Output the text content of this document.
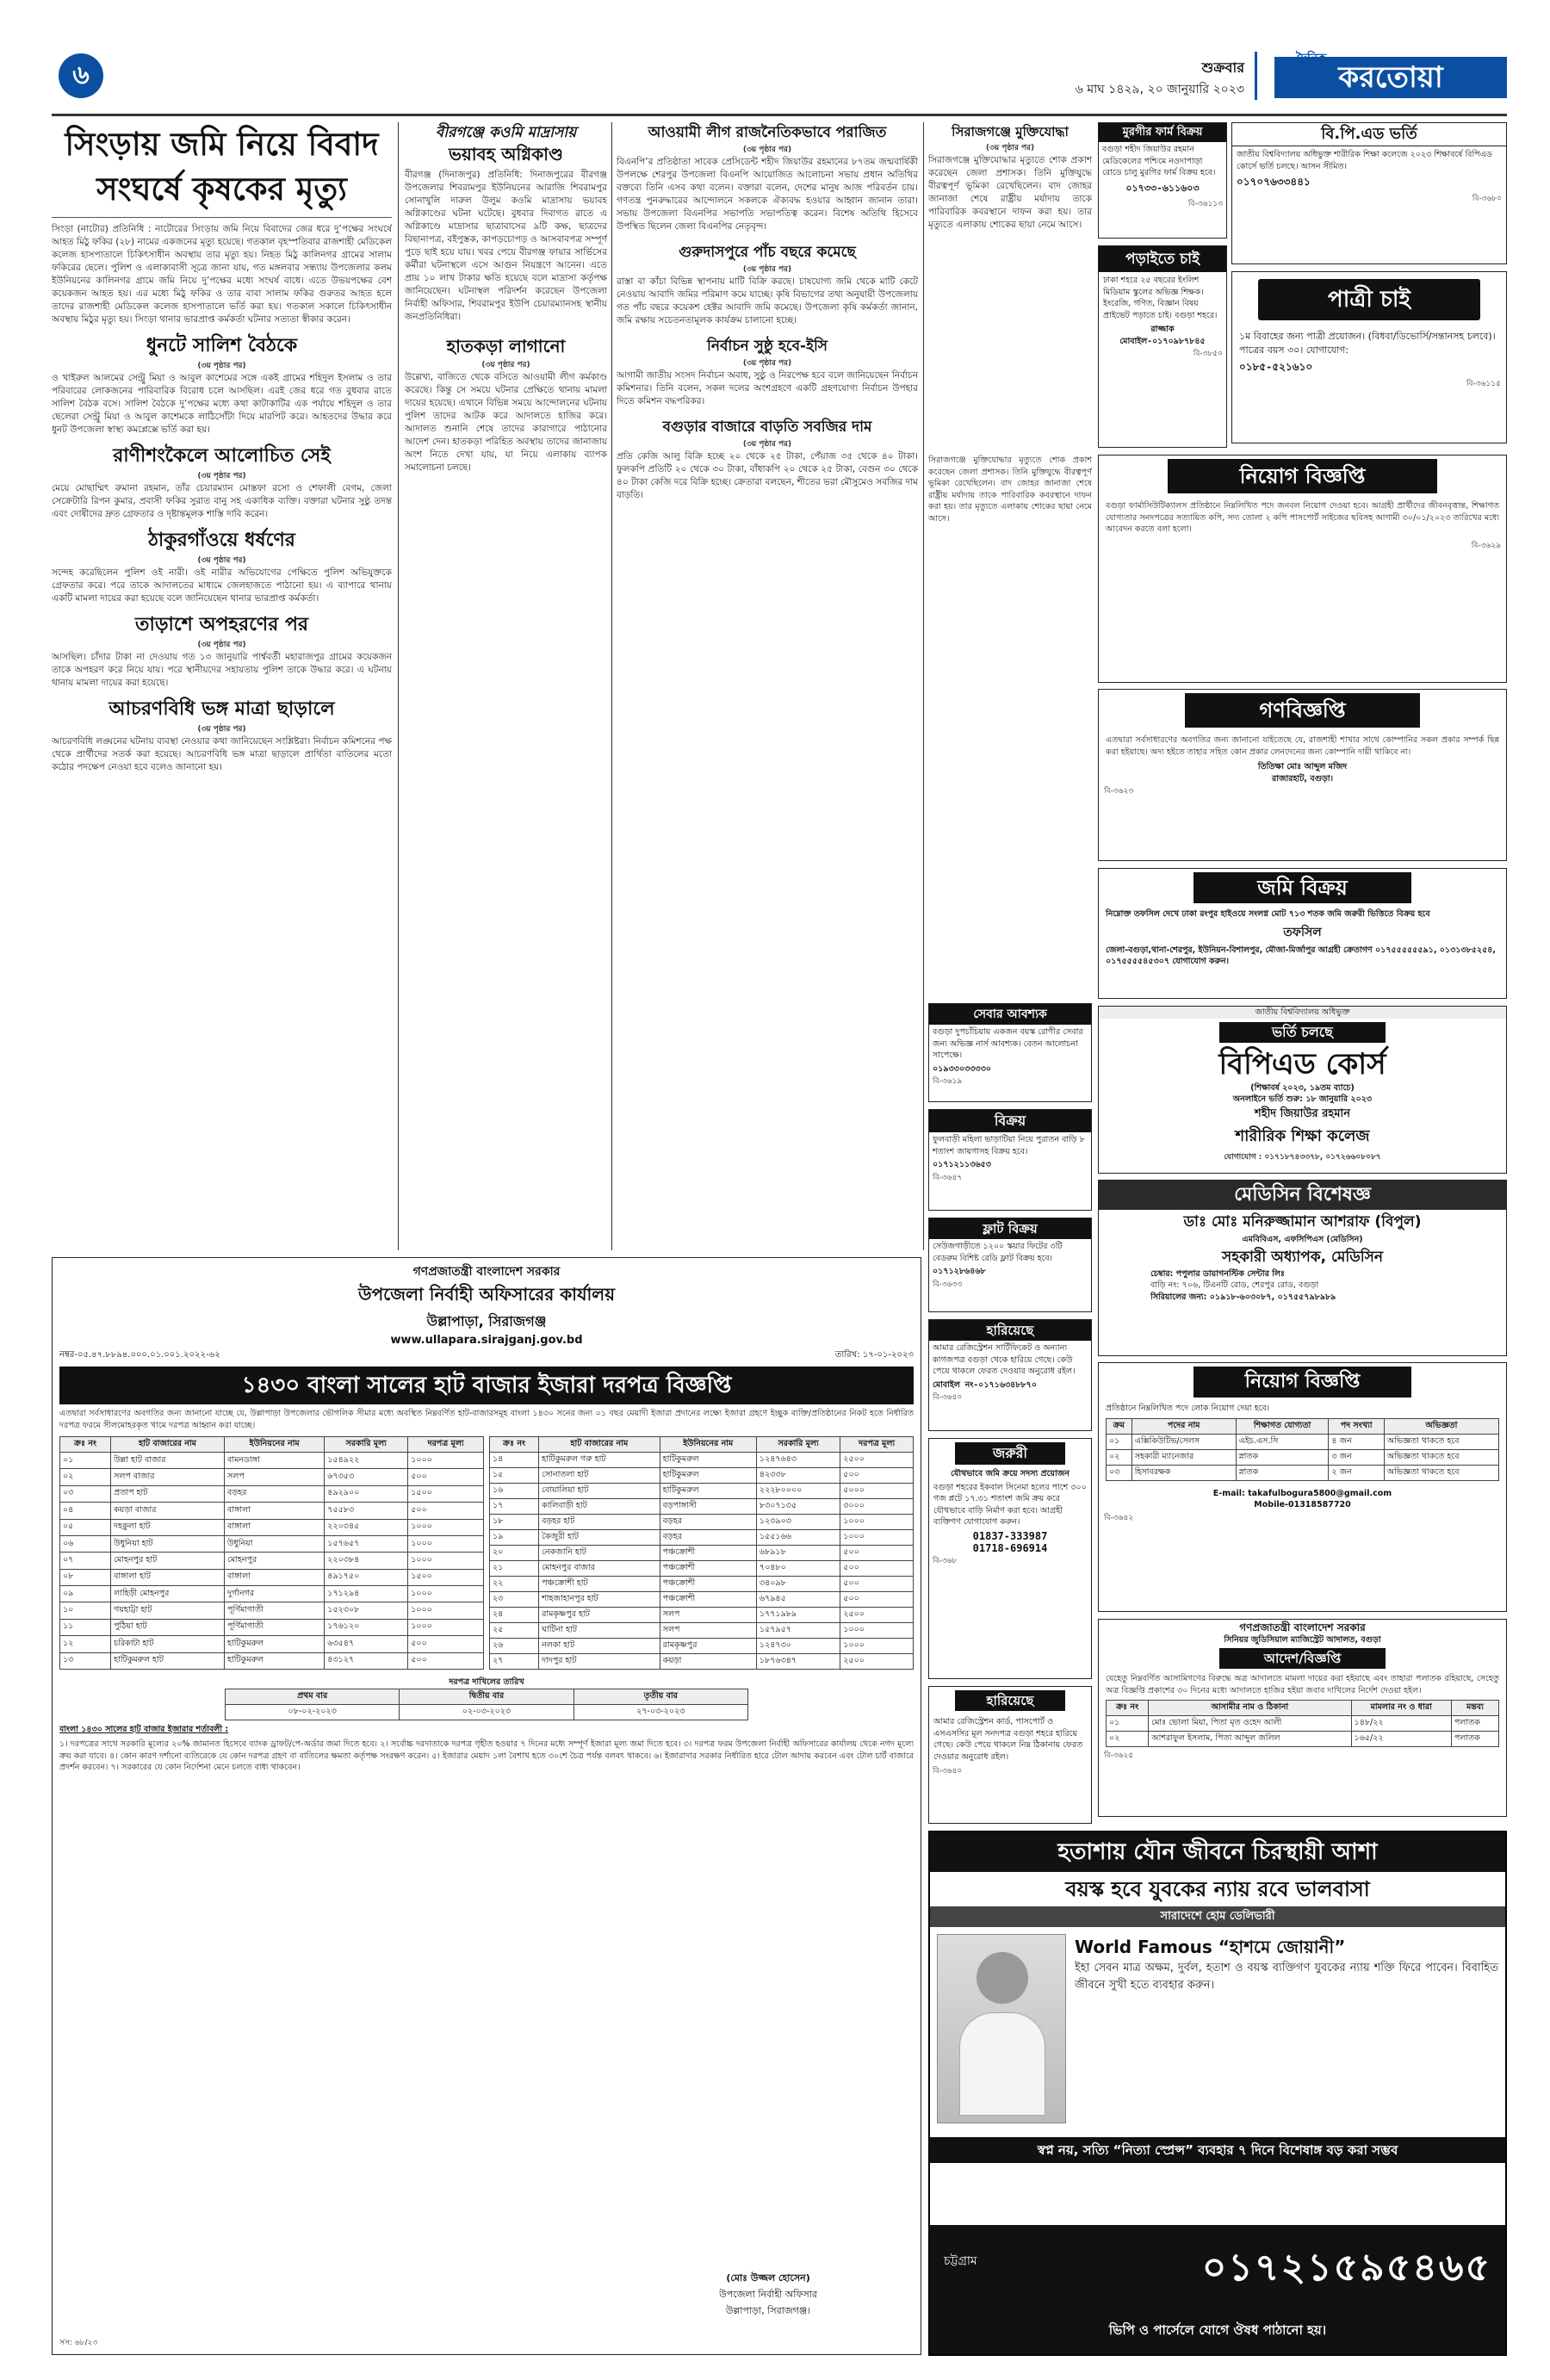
৬	শুক্রবার
৬ মাঘ ১৪২৯, ২০ জানুয়ারি ২০২৩	করতোয়া
সিংড়ায় জমি নিয়ে বিবাদ
সংঘর্ষে কৃষকের মৃত্যু
সিংড়া (নাটোর) প্রতিনিধি : নাটোরের সিংড়ায় জমি নিয়ে বিবাদের জের ধরে দু’পক্ষের সংঘর্ষে আহত মিঠু ফকির (২৮) নামের একজনের মৃত্যু হয়েছে। গতকাল বৃহস্পতিবার রাজশাহী মেডিকেল কলেজ হাসপাতালে চিকিৎসাধীন অবস্থায় তার মৃত্যু হয়। নিহত মিঠু কালিনগর গ্রামের সালাম ফকিরের ছেলে। পুলিশ ও এলাকাবাসী সূত্রে জানা যায়, গত মঙ্গলবার সন্ধ্যায় উপজেলার কলম ইউনিয়নের কালিনগর গ্রামে জমি নিয়ে দু’পক্ষের মধ্যে সংঘর্ষ বাধে। এতে উভয়পক্ষের বেশ কয়েকজন আহত হয়। এর মধ্যে মিঠু ফকির ও তার বাবা সালাম ফকির গুরুতর আহত হলে তাদের রাজশাহী মেডিকেল কলেজ হাসপাতালে ভর্তি করা হয়। গতকাল সকালে চিকিৎসাধীন অবস্থায় মিঠুর মৃত্যু হয়। সিংড়া থানার ভারপ্রাপ্ত কর্মকর্তা ঘটনার সত্যতা স্বীকার করেন।
ধুনটে সালিশ বৈঠকে
(৩য় পৃষ্ঠার পর)
ও খাইরুল আলমের সেন্ট্রু মিয়া ও আবুল কাশেমের সঙ্গে একই গ্রামের শহিদুল ইসলাম ও তার পরিবারের লোকজনের পারিবারিক বিরোধ চলে আসছিল। এরই জের ধরে গত বুধবার রাতে সালিশ বৈঠক বসে। সালিশ বৈঠকে দু’পক্ষের মধ্যে কথা কাটাকাটির এক পর্যায়ে শহিদুল ও তার ছেলেরা সেন্ট্রু মিয়া ও আবুল কাশেমকে লাঠিসোঁটা দিয়ে মারপিট করে। আহতদের উদ্ধার করে ধুনট উপজেলা স্বাস্থ্য কমপ্লেক্সে ভর্তি করা হয়।
রাণীশংকৈলে আলোচিত সেই
(৩য় পৃষ্ঠার পর)
মেয়ে মোছাম্মিৎ রুমানা রহমান, তাঁর চেয়ারম্যান মোস্তফা রসো ও শেফালী বেগম, জেলা সেক্রেটারি রিপন কুমার, প্রবাসী ফকির সুরাত বানু সহ একাধিক ব্যক্তি। বক্তারা ঘটনার সুষ্ঠু তদন্ত এবং দোষীদের দ্রুত গ্রেফতার ও দৃষ্টান্তমূলক শাস্তি দাবি করেন।
ঠাকুরগাঁওয়ে ধর্ষণের
(৩য় পৃষ্ঠার পর)
সন্দেহ করেছিলেন পুলিশ ওই নারী। ওই নারীর অভিযোগের পেক্ষিতে পুলিশ অভিযুক্তকে গ্রেফতার করে। পরে তাকে আদালতের মাধ্যমে জেলহাজতে পাঠানো হয়। এ ব্যাপারে থানায় একটি মামলা দায়ের করা হয়েছে বলে জানিয়েছেন থানার ভারপ্রাপ্ত কর্মকর্তা।
তাড়াশে অপহরণের পর
(৩য় পৃষ্ঠার পর)
আসছিল। চাঁদার টাকা না দেওয়ায় গত ১৩ জানুয়ারি পার্শ্ববর্তী মহারাজপুর গ্রামের কয়েকজন তাকে অপহরণ করে নিয়ে যায়। পরে স্থানীয়দের সহায়তায় পুলিশ তাকে উদ্ধার করে। এ ঘটনায় থানায় মামলা দায়ের করা হয়েছে।
আচরণবিধি ভঙ্গ মাত্রা ছাড়ালে
(৩য় পৃষ্ঠার পর)
আচরণবিধি লঙ্ঘনের ঘটনায় ব্যবস্থা নেওয়ার কথা জানিয়েছেন সংশ্লিষ্টরা। নির্বাচন কমিশনের পক্ষ থেকে প্রার্থীদের সতর্ক করা হয়েছে। আচরণবিধি ভঙ্গ মাত্রা ছাড়ালে প্রার্থিতা বাতিলের মতো কঠোর পদক্ষেপ নেওয়া হবে বলেও জানানো হয়।
বীরগঞ্জে কওমি মাদ্রাসায়
ভয়াবহ অগ্নিকাণ্ড
বীরগঞ্জ (দিনাজপুর) প্রতিনিধি: দিনাজপুরের বীরগঞ্জ উপজেলার শিবরামপুর ইউনিয়নের আরাজি শিবরামপুর সোনাখুলি দারুল উলুম কওমি মাদ্রাসায় ভয়াবহ অগ্নিকাণ্ডের ঘটনা ঘটেছে। বুধবার দিবাগত রাতে এ অগ্নিকাণ্ডে মাদ্রাসার ছাত্রাবাসের ৯টি কক্ষ, ছাত্রদের বিছানাপত্র, বইপুস্তক, কাপড়চোপড় ও আসবাবপত্র সম্পূর্ণ পুড়ে ছাই হয়ে যায়। খবর পেয়ে বীরগঞ্জ ফায়ার সার্ভিসের কর্মীরা ঘটনাস্থলে এসে আগুন নিয়ন্ত্রণে আনেন। এতে প্রায় ১০ লাখ টাকার ক্ষতি হয়েছে বলে মাদ্রাসা কর্তৃপক্ষ জানিয়েছেন। ঘটনাস্থল পরিদর্শন করেছেন উপজেলা নির্বাহী অফিসার, শিবরামপুর ইউপি চেয়ারম্যানসহ স্থানীয় জনপ্রতিনিধিরা।
হাতকড়া লাগানো
(৩য় পৃষ্ঠার পর)
উল্লেখ্য, বাজিতে থেকে বসিতে আওয়ামী লীগ কর্মকাণ্ড করেছে। কিন্তু সে সময়ে ঘটনার প্রেক্ষিতে থানায় মামলা দায়ের হয়েছে। এখানে বিভিন্ন সময়ে আন্দোলনের ঘটনায় পুলিশ তাদের আটক করে আদালতে হাজির করে। আদালত শুনানি শেষে তাদের কারাগারে পাঠানোর আদেশ দেন। হাতকড়া পরিহিত অবস্থায় তাদের জানাজায় অংশ নিতে দেখা যায়, যা নিয়ে এলাকায় ব্যাপক সমালোচনা চলছে।
আওয়ামী লীগ রাজনৈতিকভাবে পরাজিত
(৩য় পৃষ্ঠার পর)
বিএনপি’র প্রতিষ্ঠাতা সাবেক প্রেসিডেন্ট শহীদ জিয়াউর রহমানের ৮৭তম জন্মবার্ষিকী উপলক্ষে শেরপুর উপজেলা বিএনপি আয়োজিত আলোচনা সভায় প্রধান অতিথির বক্তব্যে তিনি এসব কথা বলেন। বক্তারা বলেন, দেশের মানুষ আজ পরিবর্তন চায়। গণতন্ত্র পুনরুদ্ধারের আন্দোলনে সকলকে ঐক্যবদ্ধ হওয়ার আহ্বান জানান তারা। সভায় উপজেলা বিএনপির সভাপতি সভাপতিত্ব করেন। বিশেষ অতিথি হিসেবে উপস্থিত ছিলেন জেলা বিএনপির নেতৃবৃন্দ।
গুরুদাসপুরে পাঁচ বছরে কমেছে
(৩য় পৃষ্ঠার পর)
রাস্তা বা কাঁচা বিভিন্ন স্থাপনায় মাটি বিক্রি করছে। চাষযোগ্য জমি থেকে মাটি কেটে নেওয়ায় আবাদি জমির পরিমাণ কমে যাচ্ছে। কৃষি বিভাগের তথ্য অনুযায়ী উপজেলায় গত পাঁচ বছরে কয়েকশ হেক্টর আবাদি জমি কমেছে। উপজেলা কৃষি কর্মকর্তা জানান, জমি রক্ষায় সচেতনতামূলক কার্যক্রম চালানো হচ্ছে।
নির্বাচন সুষ্ঠু হবে-ইসি
(৩য় পৃষ্ঠার পর)
আগামী জাতীয় সংসদ নির্বাচন অবাধ, সুষ্ঠু ও নিরপেক্ষ হবে বলে জানিয়েছেন নির্বাচন কমিশনার। তিনি বলেন, সকল দলের অংশগ্রহণে একটি গ্রহণযোগ্য নির্বাচন উপহার দিতে কমিশন বদ্ধপরিকর।
বগুড়ার বাজারে বাড়তি সবজির দাম
(৩য় পৃষ্ঠার পর)
প্রতি কেজি আলু বিক্রি হচ্ছে ২০ থেকে ২৫ টাকা, পেঁয়াজ ৩৫ থেকে ৪০ টাকা। ফুলকপি প্রতিটি ২০ থেকে ৩০ টাকা, বাঁধাকপি ২০ থেকে ২৫ টাকা, বেগুন ৩০ থেকে ৪০ টাকা কেজি দরে বিক্রি হচ্ছে। ক্রেতারা বলছেন, শীতের ভরা মৌসুমেও সবজির দাম বাড়তি।
সিরাজগঞ্জে মুক্তিযোদ্ধা
(৩য় পৃষ্ঠার পর)
সিরাজগঞ্জে মুক্তিযোদ্ধার মৃত্যুতে শোক প্রকাশ করেছেন জেলা প্রশাসক। তিনি মুক্তিযুদ্ধে বীরত্বপূর্ণ ভূমিকা রেখেছিলেন। বাদ জোহর জানাজা শেষে রাষ্ট্রীয় মর্যাদায় তাকে পারিবারিক কবরস্থানে দাফন করা হয়। তার মৃত্যুতে এলাকায় শোকের ছায়া নেমে আসে।
মুরগীর ফার্ম বিক্রয়
বগুড়া শহীদ জিয়াউর রহমান মেডিকেলের পশ্চিমে নওদাপাড়া রোডে চালু মুরগির ফার্ম বিক্রয় হবে।
০১৭৩৩-৬১১৬০৩
বি-৩৬১১৩
বি.পি.এড ভর্তি
জাতীয় বিশ্ববিদ্যালয় অধিভুক্ত শারীরিক শিক্ষা কলেজে ২০২৩ শিক্ষাবর্ষে বিপিএড কোর্সে ভর্তি চলছে। আসন সীমিত।
০১৭০৭৬৩৩৪৪১
বি-৩৬৮০
পড়াইতে চাই
ঢাকা শহরে ২৫ বছরের ইংলিশ মিডিয়াম স্কুলের অভিজ্ঞ শিক্ষক। ইংরেজি, গণিত, বিজ্ঞান বিষয় প্রাইভেট পড়াতে চাই। বগুড়া শহরে।
রাজ্জাক
মোবাইল-০১৭০৯৮৭৮৪৫
বি-৩৮৫০
পাত্রী চাই
১ম বিবাহের জন্য পাত্রী প্রয়োজন। (বিধবা/ডিভোর্সি/সন্তানসহ চলবে)। পাত্রের বয়স ৩০। যোগাযোগ:
০১৮৫-৫২১৬১০
বি-৩৬১১৫
সিরাজগঞ্জে মুক্তিযোদ্ধার মৃত্যুতে শোক প্রকাশ করেছেন জেলা প্রশাসক। তিনি মুক্তিযুদ্ধে বীরত্বপূর্ণ ভূমিকা রেখেছিলেন। বাদ জোহর জানাজা শেষে রাষ্ট্রীয় মর্যাদায় তাকে পারিবারিক কবরস্থানে দাফন করা হয়। তার মৃত্যুতে এলাকায় শোকের ছায়া নেমে আসে।
নিয়োগ বিজ্ঞপ্তি
বগুড়া ফার্মাসিউটিক্যালস প্রতিষ্ঠানে নিম্নলিখিত পদে জনবল নিয়োগ দেওয়া হবে। আগ্রহী প্রার্থীদের জীবনবৃত্তান্ত, শিক্ষাগত যোগ্যতার সনদপত্রের সত্যায়িত কপি, সদ্য তোলা ২ কপি পাসপোর্ট সাইজের ছবিসহ আগামী ৩০/০১/২০২৩ তারিখের মধ্যে আবেদন করতে বলা হলো।
বি-৩৬২৯
গণবিজ্ঞপ্তি
এতদ্বারা সর্বসাধারণের অবগতির জন্য জানানো যাইতেছে যে, রাজশাহী শাখার সাথে কোম্পানির সকল প্রকার সম্পর্ক ছিন্ন করা হইয়াছে। অদ্য হইতে তাহার সহিত কোন প্রকার লেনদেনের জন্য কোম্পানি দায়ী থাকিবে না।
তিতিক্ষা মোঃ আব্দুল মজিদ
রাজারহাট, বগুড়া।
বি-৩৬২৩
জমি বিক্রয়
নিম্নোক্ত তফসিল দেখে ঢাকা রংপুর হাইওয়ে সংলগ্ন মোট ৭১৩ শতক জমি জরুরী ভিত্তিতে বিক্রয় হবে
তফসিল
জেলা-বগুড়া,থানা-শেরপুর, ইউনিয়ন-বিশালপুর, মৌজা-মির্জাপুর আগ্রহী ক্রেতাগণ ০১৭৫৫৫৫৫৫৯১, ০১৩১৩৮৫২৫৪, ০১৭৫৫৫৫৪৫৩০৭ যোগাযোগ করুন।
সেবার আবশ্যক
বগুড়া দুপচাঁচিয়ায় একজন বয়স্ক রোগীর সেবার জন্য অভিজ্ঞ নার্স আবশ্যক। বেতন আলোচনা সাপেক্ষে।
০১৯৩৩০৩৩৩৩০
বি-৩৬১৯
জাতীয় বিশ্ববিদ্যালয় অধিভুক্ত
ভর্তি চলছে
বিপিএড কোর্স
(শিক্ষাবর্ষ ২০২৩, ১৯তম ব্যাচে)
অনলাইনে ভর্তি শুরু: ১৮ জানুয়ারি ২০২৩
শহীদ জিয়াউর রহমান
শারীরিক শিক্ষা কলেজ
যোগাযোগ : ০১৭১৮৭৪৩৩৭৮, ০১৭২৬৬০৮০৮৭
বিক্রয়
ফুলবাড়ী মহিলা ভাড়াটিয়া নিয়ে পুরাতন বাড়ি ৮ শতাংশ জায়গাসহ বিক্রয় হবে।
০১৭১২১১৩৬৫৩
বি-৩৬৪৭
মেডিসিন বিশেষজ্ঞ
ডাঃ মোঃ মনিরুজ্জামান আশরাফ (বিপুল)
এমবিবিএস, এফসিপিএস (মেডিসিন)
সহকারী অধ্যাপক, মেডিসিন
চেম্বার: পপুলার ডায়াগনস্টিক সেন্টার লিঃ
বাড়ি নং: ৭০৬, টিএনটি রোড, শেরপুর রোড, বগুড়া
সিরিয়ালের জন্য: ০১৯১৮-৬০৩০৮৭, ০১৭৫৫৭৯৮৯৮৯
ফ্লাট বিক্রয়
সেউজগাড়ীতে ১২০০ স্কয়ার ফিটের ৩টি বেডরুম বিশিষ্ট রেডি ফ্লাট বিক্রয় হবে।
০১৭১২৮৬৪৬৮
বি-৩৬৩৩
হারিয়েছে
আমার রেজিস্ট্রেশন সার্টিফিকেট ও অন্যান্য কাগজপত্র বগুড়া থেকে হারিয়ে গেছে। কেউ পেয়ে থাকলে ফেরত দেওয়ার অনুরোধ রইল।
মোবাইল নং-০১৭১৬৩৪৮৮৭০
বি-৩৬৪০
গণপ্রজাতন্ত্রী বাংলাদেশ সরকার
উপজেলা নির্বাহী অফিসারের কার্যালয়
উল্লাপাড়া, সিরাজগঞ্জ
www.ullapara.sirajganj.gov.bd
নম্বর-০৫.৪৭.৮৮৯৪.০০০.০১.০০১.২০২২-৬২	তারিখ: ১৭-০১-২০২৩
১৪৩০ বাংলা সালের হাট বাজার ইজারা দরপত্র বিজ্ঞপ্তি
এতদ্বারা সর্বসাধারণের অবগতির জন্য জানানো যাচ্ছে যে, উল্লাপাড়া উপজেলার ভৌগলিক সীমার মধ্যে অবস্থিত নিম্নবর্ণিত হাট-বাজারসমূহ বাংলা ১৪৩০ সনের জন্য ০১ বছর মেয়াদী ইজারা প্রদানের লক্ষ্যে ইজারা গ্রহণে ইচ্ছুক ব্যক্তি/প্রতিষ্ঠানের নিকট হতে নির্ধারিত দরপত্র ফরমে সীলমোহরকৃত খামে দরপত্র আহ্বান করা যাচ্ছে।
ক্রঃ নং	হাট বাজারের নাম	ইউনিয়নের নাম	সরকারি মূল্য	দরপত্র মূল্য
০১	উল্লা হাট বাজার	বামনডাঙ্গা	১৫৪৯২২	১০০০
০২	সলপ বাজার	সলপ	৬৭৩৫৩	৫০০
০৩	প্রতাপ হাট	বড়হর	৪৯২৯০০	১৫০০
০৪	কয়ড়া বাজার	বাঙ্গালা	৭৫৫৮৩	৫০০
০৫	দহকুলা হাট	বাঙ্গালা	২২০৩৪৫	১০০০
০৬	উধুনিয়া হাট	উধুনিয়া	১৫৭৬৫৭	১০০০
০৭	মোহনপুর হাট	মোহনপুর	২২০৩৮৪	১০০০
০৮	বাঙ্গালা হাট	বাঙ্গালা	৪৯১৭৫০	১৫০০
০৯	লাহিড়ী মোহনপুর	দুর্গানগর	১৭১২৯৪	১০০০
১০	গয়হাট্টা হাট	পূর্ণিমাগাতী	১৫২৩০৮	১০০০
১১	পুঠিয়া হাট	পূর্ণিমাগাতী	১৭৬১২০	১০০০
১২	চরিকাটা হাট	হাটিকুমরুল	৬৩৫৪৭	৫০০
১৩	হাটিকুমরুল হাট	হাটিকুমরুল	৪৩১২৭	৫০০
ক্রঃ নং	হাট বাজারের নাম	ইউনিয়নের নাম	সরকারি মূল্য	দরপত্র মূল্য
১৪	হাটিকুমরুল গরু হাট	হাটিকুমরুল	১২৪৭৬৪৩	২৫০০
১৫	সোনাতলা হাট	হাটিকুমরুল	৪২৩৩৮	৫০০
১৬	বোয়ালিয়া হাট	হাটিকুমরুল	২২২৮০০০০	৫০০০
১৭	কালিবাড়ী হাট	বড়পাঙ্গাসী	৮৩০৭১৩৫	৩০০০
১৮	বড়হর হাট	বড়হর	১২৩৯০৩	১০০০
১৯	কৈজুরী হাট	বড়হর	১৫৫১৬৬	১০০০
২০	নেকজানি হাট	পঞ্চক্রোশী	৬৮৯১৮	৫০০
২১	মোহনপুর বাজার	পঞ্চক্রোশী	৭০৪৮০	৫০০
২২	পঞ্চক্রোশী হাট	পঞ্চক্রোশী	৩৪০৯৮	৫০০
২৩	শাহজাহানপুর হাট	পঞ্চক্রোশী	৬৭৯৪৫	৫০০
২৪	রামকৃষ্ণপুর হাট	সলপ	১৭৭১৯৮৯	২৫০০
২৫	ঘাটিনা হাট	সলপ	১৫৭৯৫৭	১০০০
২৬	নলকা হাট	রামকৃষ্ণপুর	১২৪৭৩০	১০০০
২৭	দাদপুর হাট	কয়ড়া	১৮৭৬৩৪৭	২৫০০
দরপত্র দাখিলের তারিখ
প্রথম বার	দ্বিতীয় বার	তৃতীয় বার
০৮-০২-২০২৩	০২-০৩-২০২৩	২৭-০৩-২০২৩
বাংলা ১৪৩০ সালের হাট বাজার ইজারার শর্তাবলী :
১। দরপত্রের সাথে সরকারি মূল্যের ২০% জামানত হিসেবে ব্যাংক ড্রাফট/পে-অর্ডার জমা দিতে হবে। ২। সর্বোচ্চ দরদাতাকে দরপত্র গৃহীত হওয়ার ৭ দিনের মধ্যে সম্পূর্ণ ইজারা মূল্য জমা দিতে হবে। ৩। দরপত্র ফরম উপজেলা নির্বাহী অফিসারের কার্যালয় থেকে নগদ মূল্যে ক্রয় করা যাবে। ৪। কোন কারণ দর্শানো ব্যতিরেকে যে কোন দরপত্র গ্রহণ বা বাতিলের ক্ষমতা কর্তৃপক্ষ সংরক্ষণ করেন। ৫। ইজারার মেয়াদ ১লা বৈশাখ হতে ৩০শে চৈত্র পর্যন্ত বলবৎ থাকবে। ৬। ইজারাদার সরকার নির্ধারিত হারে টোল আদায় করবেন এবং টোল চার্ট বাজারে প্রদর্শন করবেন। ৭। সরকারের যে কোন নির্দেশনা মেনে চলতে বাধ্য থাকবেন।
(মোঃ উজ্জল হোসেন)
উপজেলা নির্বাহী অফিসার
উল্লাপাড়া, সিরাজগঞ্জ।
সস: ৬৮/২৩
জরুরী
যৌথভাবে জমি ক্রয়ে সদস্য প্রয়োজন
বগুড়া শহরের ইকবাল সিনেমা হলের পাশে ৩০০ গজ প্লটে ১৭.৩১ শতাংশ জমি ক্রয় করে যৌথভাবে বাড়ি নির্মাণ করা হবে। আগ্রহী ব্যক্তিগণ যোগাযোগ করুন।
01837-333987
01718-696914
বি-৩৬৮
নিয়োগ বিজ্ঞপ্তি
প্রতিষ্ঠানে নিম্নলিখিত পদে লোক নিয়োগ দেয়া হবে।
ক্রম	পদের নাম	শিক্ষাগত যোগ্যতা	পদ সংখ্যা	অভিজ্ঞতা
০১	এক্সিকিউটিভ/সেলস	এইচ.এস.সি	৪ জন	অভিজ্ঞতা থাকতে হবে
০২	সহকারী ম্যানেজার	স্নাতক	৩ জন	অভিজ্ঞতা থাকতে হবে
০৩	হিসাবরক্ষক	স্নাতক	২ জন	অভিজ্ঞতা থাকতে হবে
E-mail: takafulbogura5800@gmail.com
Mobile-01318587720
বি-৩৬৪২
গণপ্রজাতন্ত্রী বাংলাদেশ সরকার
সিনিয়র জুডিসিয়াল ম্যাজিস্ট্রেট আদালত, বগুড়া
আদেশ/বিজ্ঞপ্তি
যেহেতু নিম্নবর্ণিত আসামিগণের বিরুদ্ধে অত্র আদালতে মামলা দায়ের করা হইয়াছে এবং তাহারা পলাতক রহিয়াছে, সেহেতু অত্র বিজ্ঞপ্তি প্রকাশের ৩০ দিনের মধ্যে আদালতে হাজির হইয়া জবাব দাখিলের নির্দেশ দেওয়া হইল।
ক্রঃ নং	আসামীর নাম ও ঠিকানা	মামলার নং ও ধারা	মন্তব্য
০১	মোঃ ভোলা মিয়া, পিতা মৃত ওহেদ আলী	১৪৮/২২	পলাতক
০২	আশরাফুল ইসলাম, পিতা আব্দুল জলিল	১৬৫/২২	পলাতক
বি-৩৬২৫
হারিয়েছে
আমার রেজিস্ট্রেশন কার্ড, পাসপোর্ট ও এসএসসির মূল সনদপত্র বগুড়া শহরে হারিয়ে গেছে। কেউ পেয়ে থাকলে নিম্ন ঠিকানায় ফেরত দেওয়ার অনুরোধ রইল।
বি-৩৬৪০
হতাশায় যৌন জীবনে চিরস্থায়ী আশা
বয়স্ক হবে যুবকের ন্যায় রবে ভালবাসা
সারাদেশে হোম ডেলিভারী
World Famous “হাশমে জোয়ানী”
ইহা সেবন মাত্র অক্ষম, দুর্বল, হতাশ ও বয়স্ক ব্যক্তিগণ যুবকের ন্যায় শক্তি ফিরে পাবেন। বিবাহিত জীবনে সুখী হতে ব্যবহার করুন।
স্বপ্ন নয়, সত্যি “নিত্যা স্প্রেন্স” ব্যবহার ৭ দিনে বিশেষাঙ্গ বড় করা সম্ভব
চট্টগ্রাম	০১৭২১৫৯৫৪৬৫
ভিপি ও পার্সেলে যোগে ঔষধ পাঠানো হয়।
